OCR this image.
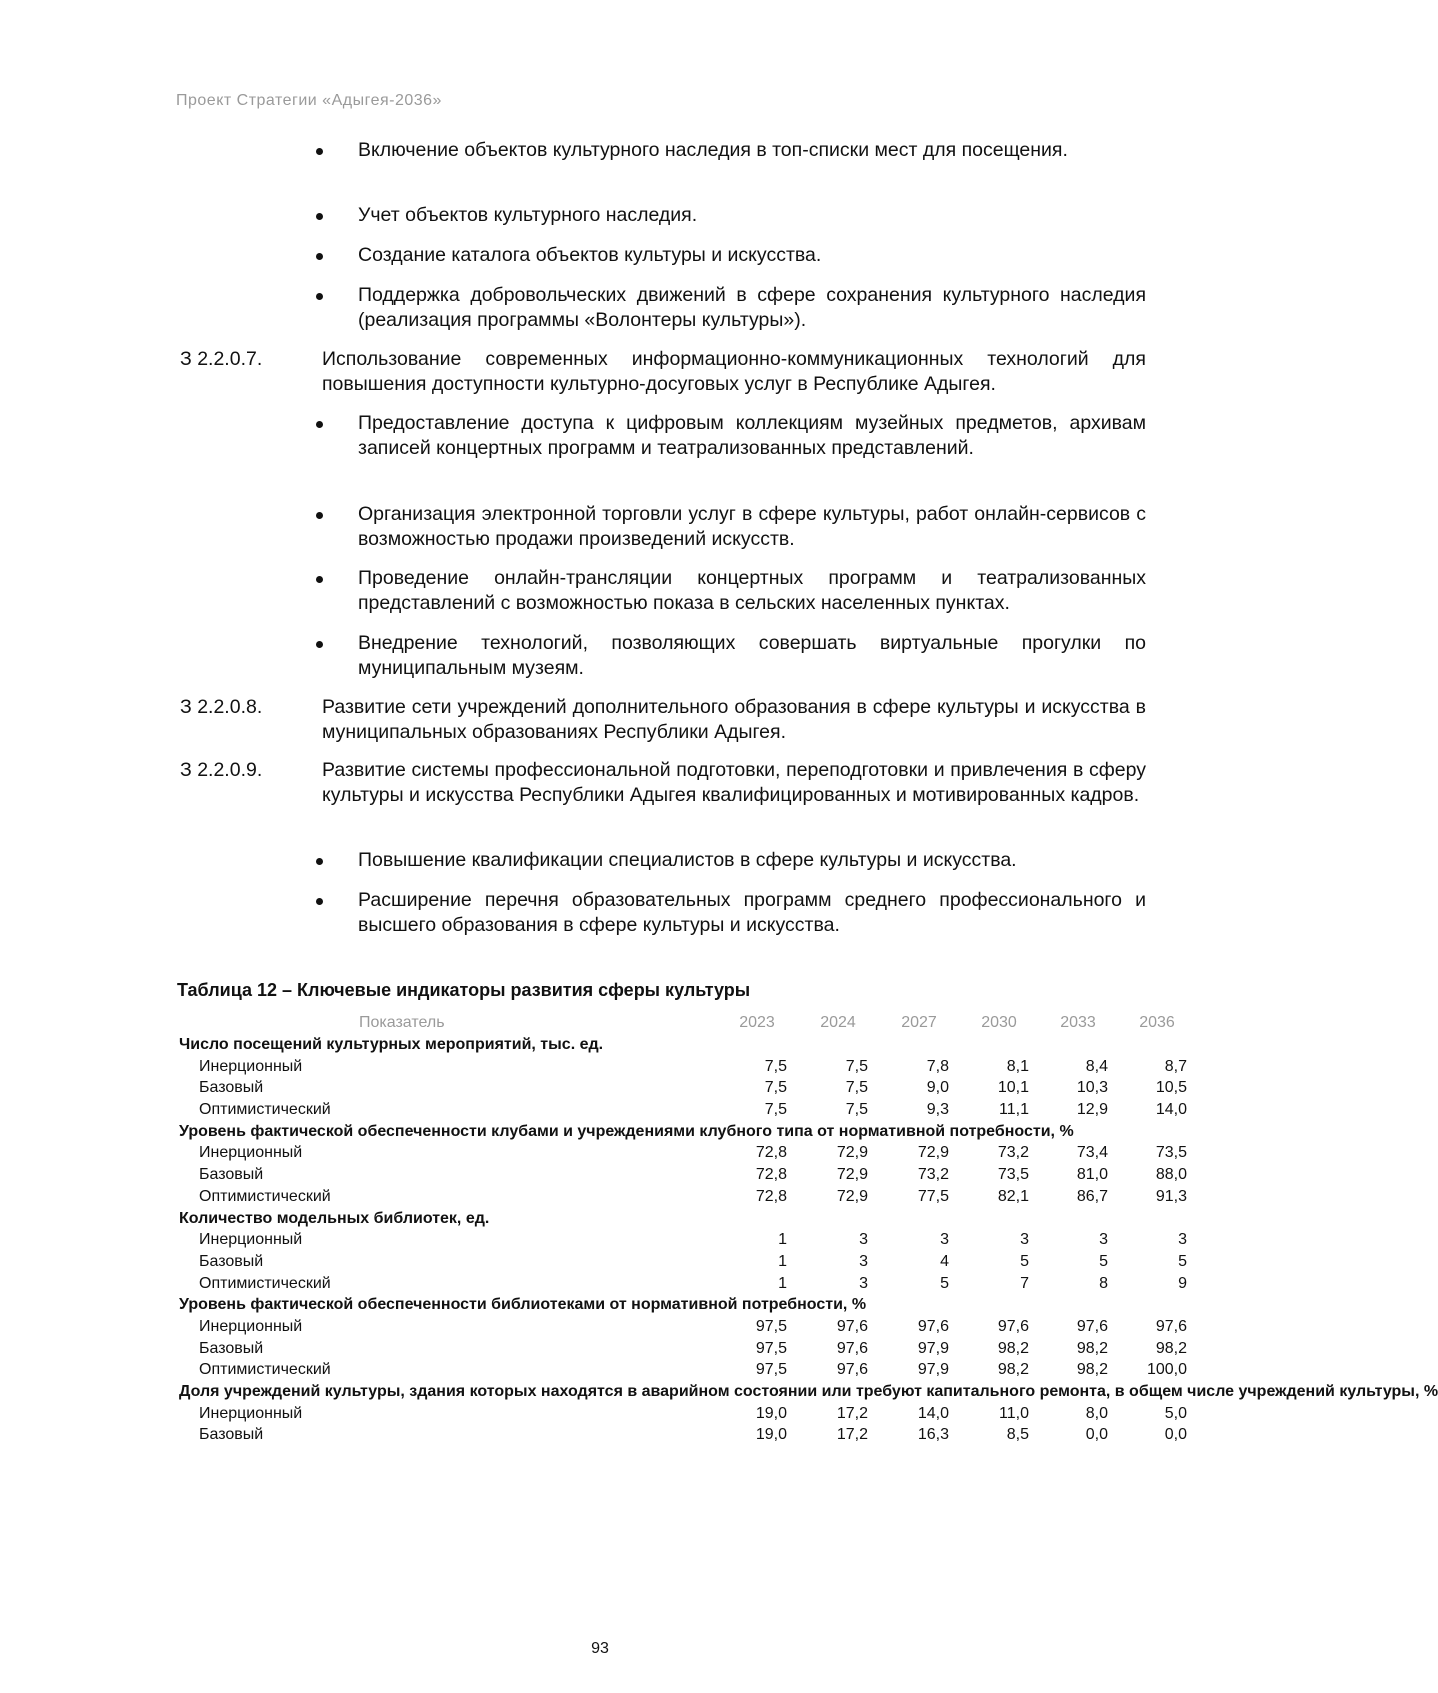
Проект Стратегии «Адыгея-2036»
Включение объектов культурного наследия в топ-списки мест для посещения.
Учет объектов культурного наследия.
Создание каталога объектов культуры и искусства.
Поддержка добровольческих движений в сфере сохранения культурного наследия (реализация программы «Волонтеры культуры»).
З 2.2.0.7.	Использование современных информационно-коммуникационных технологий для повышения доступности культурно-досуговых услуг в Республике Адыгея.
Предоставление доступа к цифровым коллекциям музейных предметов, архивам записей концертных программ и театрализованных представлений.
Организация электронной торговли услуг в сфере культуры, работ онлайн-сервисов с возможностью продажи произведений искусств.
Проведение онлайн-трансляции концертных программ и театрализованных представлений с возможностью показа в сельских населенных пунктах.
Внедрение технологий, позволяющих совершать виртуальные прогулки по муниципальным музеям.
З 2.2.0.8.	Развитие сети учреждений дополнительного образования в сфере культуры и искусства в муниципальных образованиях Республики Адыгея.
З 2.2.0.9.	Развитие системы профессиональной подготовки, переподготовки и привлечения в сферу культуры и искусства Республики Адыгея квалифицированных и мотивированных кадров.
Повышение квалификации специалистов в сфере культуры и искусства.
Расширение перечня образовательных программ среднего профессионального и высшего образования в сфере культуры и искусства.
Таблица 12 – Ключевые индикаторы развития сферы культуры
Показатель	2023	2024	2027	2030	2033	2036
Число посещений культурных мероприятий, тыс. ед.
Инерционный	7,5	7,5	7,8	8,1	8,4	8,7
Базовый	7,5	7,5	9,0	10,1	10,3	10,5
Оптимистический	7,5	7,5	9,3	11,1	12,9	14,0
Уровень фактической обеспеченности клубами и учреждениями клубного типа от нормативной потребности, %
Инерционный	72,8	72,9	72,9	73,2	73,4	73,5
Базовый	72,8	72,9	73,2	73,5	81,0	88,0
Оптимистический	72,8	72,9	77,5	82,1	86,7	91,3
Количество модельных библиотек, ед.
Инерционный	1	3	3	3	3	3
Базовый	1	3	4	5	5	5
Оптимистический	1	3	5	7	8	9
Уровень фактической обеспеченности библиотеками от нормативной потребности, %
Инерционный	97,5	97,6	97,6	97,6	97,6	97,6
Базовый	97,5	97,6	97,9	98,2	98,2	98,2
Оптимистический	97,5	97,6	97,9	98,2	98,2	100,0
Доля учреждений культуры, здания которых находятся в аварийном состоянии или требуют капитального ремонта, в общем числе учреждений культуры, %
Инерционный	19,0	17,2	14,0	11,0	8,0	5,0
Базовый	19,0	17,2	16,3	8,5	0,0	0,0
93
